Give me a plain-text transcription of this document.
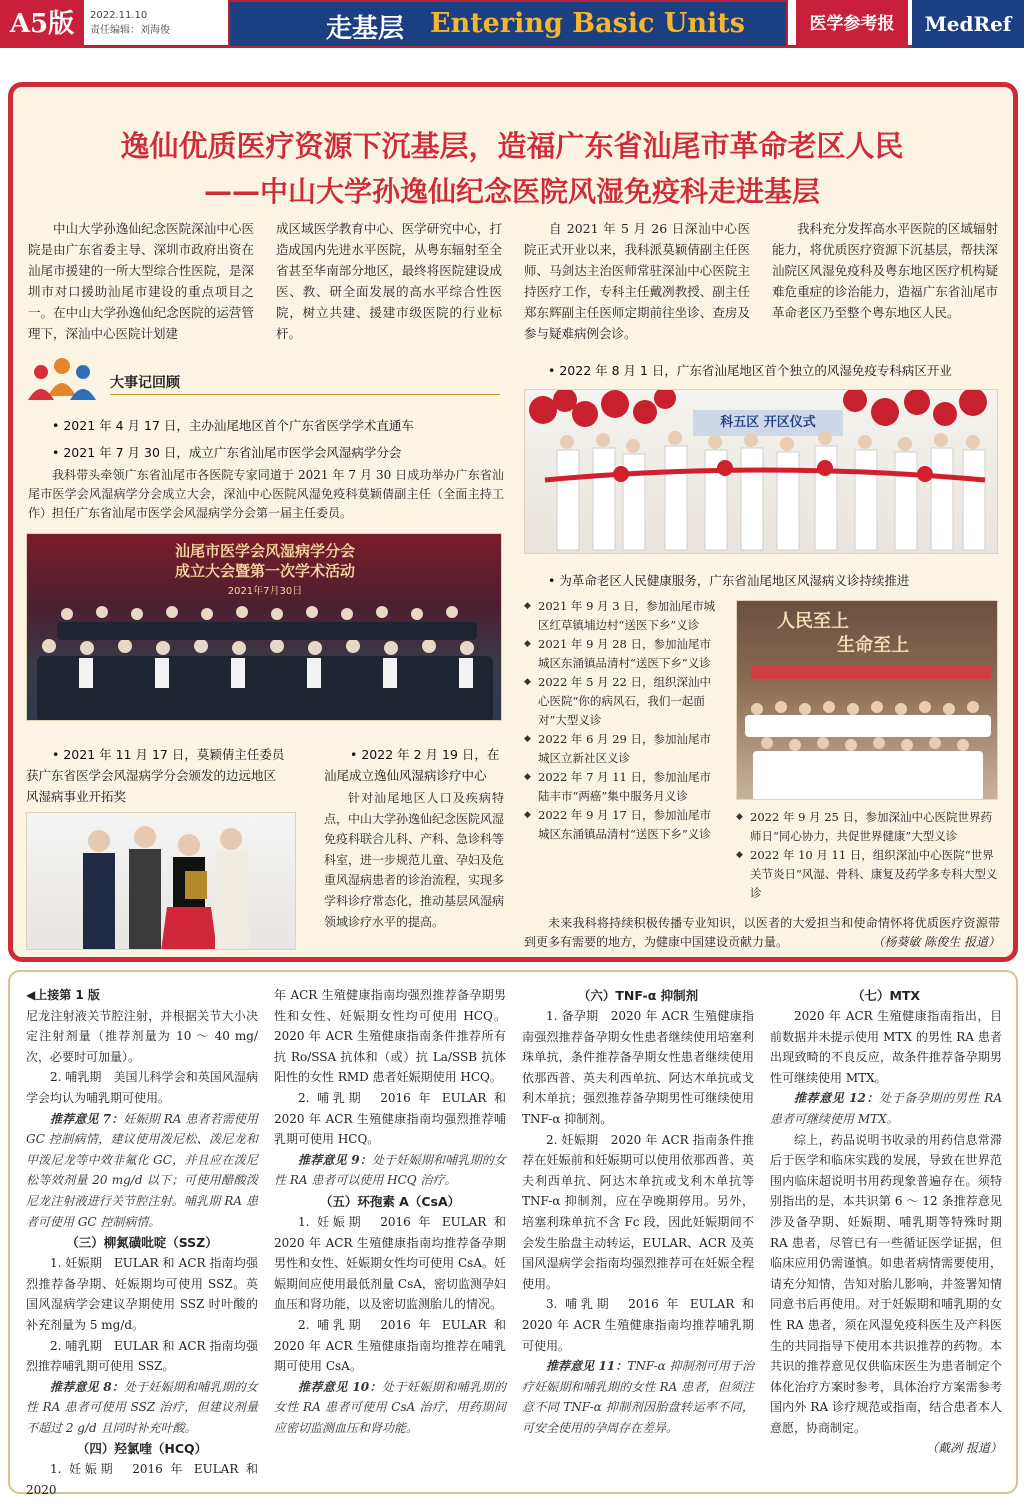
A5版	2022.11.10
责任编辑：刘海俊	走基层 Entering Basic Units	医学参考报	MedRef
逸仙优质医疗资源下沉基层，造福广东省汕尾市革命老区人民
——中山大学孙逸仙纪念医院风湿免疫科走进基层
中山大学孙逸仙纪念医院深汕中心医院是由广东省委主导、深圳市政府出资在汕尾市援建的一所大型综合性医院，是深圳市对口援助汕尾市建设的重点项目之一。在中山大学孙逸仙纪念医院的运营管理下，深汕中心医院计划建
成区域医学教育中心、医学研究中心，打造成国内先进水平医院，从粤东辐射至全省甚至华南部分地区，最终将医院建设成医、教、研全面发展的高水平综合性医院，树立共建、援建市级医院的行业标杆。
自 2021 年 5 月 26 日深汕中心医院正式开业以来，我科派莫颖倩副主任医师、马剑达主治医师常驻深汕中心医院主持医疗工作，专科主任戴冽教授、副主任郑东辉副主任医师定期前往坐诊、查房及参与疑难病例会诊。
我科充分发挥高水平医院的区域辐射能力，将优质医疗资源下沉基层，帮扶深汕院区风湿免疫科及粤东地区医疗机构疑难危重症的诊治能力，造福广东省汕尾市革命老区乃至整个粤东地区人民。
大事记回顾
• 2021 年 4 月 17 日，主办汕尾地区首个广东省医学学术直通车
• 2021 年 7 月 30 日，成立广东省汕尾市医学会风湿病学分会
我科带头牵领广东省汕尾市各医院专家同道于 2021 年 7 月 30 日成功举办广东省汕尾市医学会风湿病学分会成立大会，深汕中心医院风湿免疫科莫颖倩副主任（全面主持工作）担任广东省汕尾市医学会风湿病学分会第一届主任委员。
汕尾市医学会风湿病学分会
成立大会暨第一次学术活动
2021年7月30日
• 2021 年 11 月 17 日，莫颖倩主任委员
获广东省医学会风湿病学分会颁发的边远地区
风湿病事业开拓奖
• 2022 年 2 月 19 日，在
汕尾成立逸仙风湿病诊疗中心
针对汕尾地区人口及疾病特点，中山大学孙逸仙纪念医院风湿免疫科联合儿科、产科、急诊科等科室，进一步规范儿童、孕妇及危重风湿病患者的诊治流程，实现多学科诊疗常态化，推动基层风湿病领域诊疗水平的提高。
• 2022 年 8 月 1 日，广东省汕尾地区首个独立的风湿免疫专科病区开业
科五区 开区仪式
• 为革命老区人民健康服务，广东省汕尾地区风湿病义诊持续推进
◆ 2021 年 9 月 3 日，参加汕尾市城区红草镇埔边村“送医下乡”义诊
◆ 2021 年 9 月 28 日，参加汕尾市城区东涌镇品清村“送医下乡”义诊
◆ 2022 年 5 月 22 日，组织深汕中心医院“你的病风石，我们一起面对”大型义诊
◆ 2022 年 6 月 29 日，参加汕尾市城区立新社区义诊
◆ 2022 年 7 月 11 日，参加汕尾市陆丰市“两癌”集中服务月义诊
◆ 2022 年 9 月 17 日，参加汕尾市城区东涌镇品清村“送医下乡”义诊
人民至上
生命至上
◆ 2022 年 9 月 25 日，参加深汕中心医院世界药师日“同心协力，共促世界健康”大型义诊
◆ 2022 年 10 月 11 日，组织深汕中心医院“世界关节炎日”风湿、骨科、康复及药学多专科大型义诊
未来我科将持续积极传播专业知识，以医者的大爱担当和使命情怀将优质医疗资源带到更多有需要的地方，为健康中国建设贡献力量。	（杨葵敏 陈俊生 报道）

◀上接第 1 版

尼龙注射液关节腔注射，并根据关节大小决定注射剂量（推荐剂量为 10 ～ 40 mg/ 次，必要时可加量）。

2. 哺乳期　美国儿科学会和英国风湿病学会均认为哺乳期可使用。

推荐意见 7：妊娠期 RA 患者若需使用 GC 控制病情，建议使用泼尼松、泼尼龙和甲泼尼龙等中效非氟化 GC，并且应在泼尼松等效剂量 20 mg/d 以下；可使用醋酸泼尼龙注射液进行关节腔注射。哺乳期 RA 患者可使用 GC 控制病情。

（三）柳氮磺吡啶（SSZ）

1. 妊娠期　EULAR 和 ACR 指南均强烈推荐备孕期、妊娠期均可使用 SSZ。英国风湿病学会建议孕期使用 SSZ 时叶酸的补充剂量为 5 mg/d。

2. 哺乳期　EULAR 和 ACR 指南均强烈推荐哺乳期可使用 SSZ。

推荐意见 8：处于妊娠期和哺乳期的女性 RA 患者可使用 SSZ 治疗，但建议剂量不超过 2 g/d 且同时补充叶酸。

（四）羟氯喹（HCQ）

1. 妊娠期　2016 年 EULAR 和 2020

年 ACR 生殖健康指南均强烈推荐备孕期男性和女性、妊娠期女性均可使用 HCQ。2020 年 ACR 生殖健康指南条件推荐所有抗 Ro/SSA 抗体和（或）抗 La/SSB 抗体阳性的女性 RMD 患者妊娠期使用 HCQ。

2. 哺乳期　2016 年 EULAR 和 2020 年 ACR 生殖健康指南均强烈推荐哺乳期可使用 HCQ。

推荐意见 9：处于妊娠期和哺乳期的女性 RA 患者可以使用 HCQ 治疗。

（五）环孢素 A（CsA）

1. 妊娠期　2016 年 EULAR 和 2020 年 ACR 生殖健康指南均推荐备孕期男性和女性、妊娠期女性均可使用 CsA。妊娠期间应使用最低剂量 CsA，密切监测孕妇血压和肾功能，以及密切监测胎儿的情况。

2. 哺乳期　2016 年 EULAR 和 2020 年 ACR 生殖健康指南均推荐在哺乳期可使用 CsA。

推荐意见 10：处于妊娠期和哺乳期的女性 RA 患者可使用 CsA 治疗，用药期间应密切监测血压和肾功能。

（六）TNF-α 抑制剂

1. 备孕期　2020 年 ACR 生殖健康指南强烈推荐备孕期女性患者继续使用培塞利珠单抗，条件推荐备孕期女性患者继续使用依那西普、英夫利西单抗、阿达木单抗或戈利木单抗；强烈推荐备孕期男性可继续使用 TNF-α 抑制剂。

2. 妊娠期　2020 年 ACR 指南条件推荐在妊娠前和妊娠期可以使用依那西普、英夫利西单抗、阿达木单抗或戈利木单抗等 TNF-α 抑制剂，应在孕晚期停用。另外，培塞利珠单抗不含 Fc 段，因此妊娠期间不会发生胎盘主动转运，EULAR、ACR 及英国风湿病学会指南均强烈推荐可在妊娠全程使用。

3. 哺乳期　2016 年 EULAR 和 2020 年 ACR 生殖健康指南均推荐哺乳期可使用。

推荐意见 11：TNF-α 抑制剂可用于治疗妊娠期和哺乳期的女性 RA 患者，但须注意不同 TNF-α 抑制剂因胎盘转运率不同，可安全使用的孕周存在差异。

（七）MTX

2020 年 ACR 生殖健康指南指出，目前数据并未提示使用 MTX 的男性 RA 患者出现致畸的不良反应，故条件推荐备孕期男性可继续使用 MTX。

推荐意见 12：处于备孕期的男性 RA 患者可继续使用 MTX。

综上，药品说明书收录的用药信息常滞后于医学和临床实践的发展，导致在世界范围内临床超说明书用药现象普遍存在。须特别指出的是，本共识第 6 ～ 12 条推荐意见涉及备孕期、妊娠期、哺乳期等特殊时期 RA 患者，尽管已有一些循证医学证据，但临床应用仍需谨慎。如患者病情需要使用，请充分知情，告知对胎儿影响，并签署知情同意书后再使用。对于妊娠期和哺乳期的女性 RA 患者，须在风湿免疫科医生及产科医生的共同指导下使用本共识推荐的药物。本共识的推荐意见仅供临床医生为患者制定个体化治疗方案时参考，具体治疗方案需参考国内外 RA 诊疗规范或指南，结合患者本人意愿，协商制定。

（戴冽 报道）
